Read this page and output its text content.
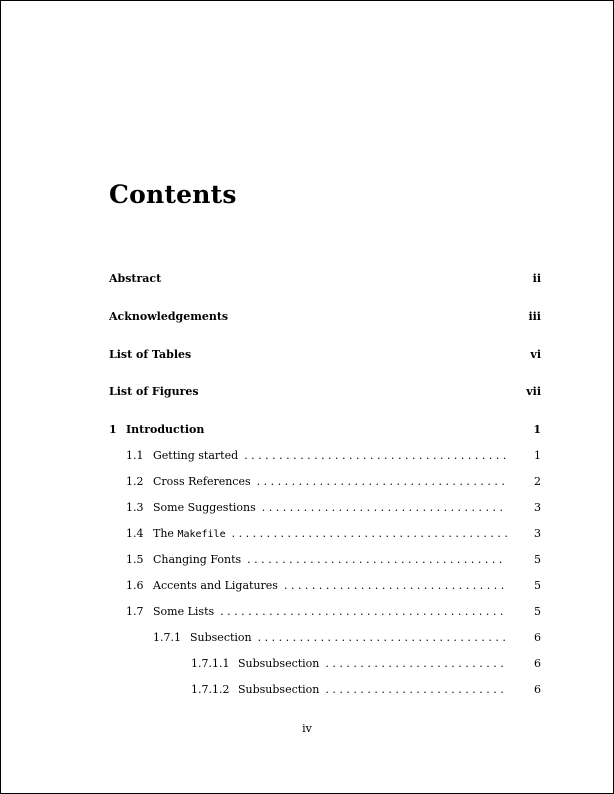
Contents
Abstract	ii
Acknowledgements	iii
List of Tables	vi
List of Figures	vii
1 Introduction	1
1.1 Getting started . . .	1
1.2 Cross References . . .	2
1.3 Some Suggestions . . .	3
1.4 The Makefile . . .	3
1.5 Changing Fonts . . .	5
1.6 Accents and Ligatures . . .	5
1.7 Some Lists . . .	5
1.7.1 Subsection . . .	6
1.7.1.1 Subsubsection . . .	6
1.7.1.2 Subsubsection . . .	6
iv
